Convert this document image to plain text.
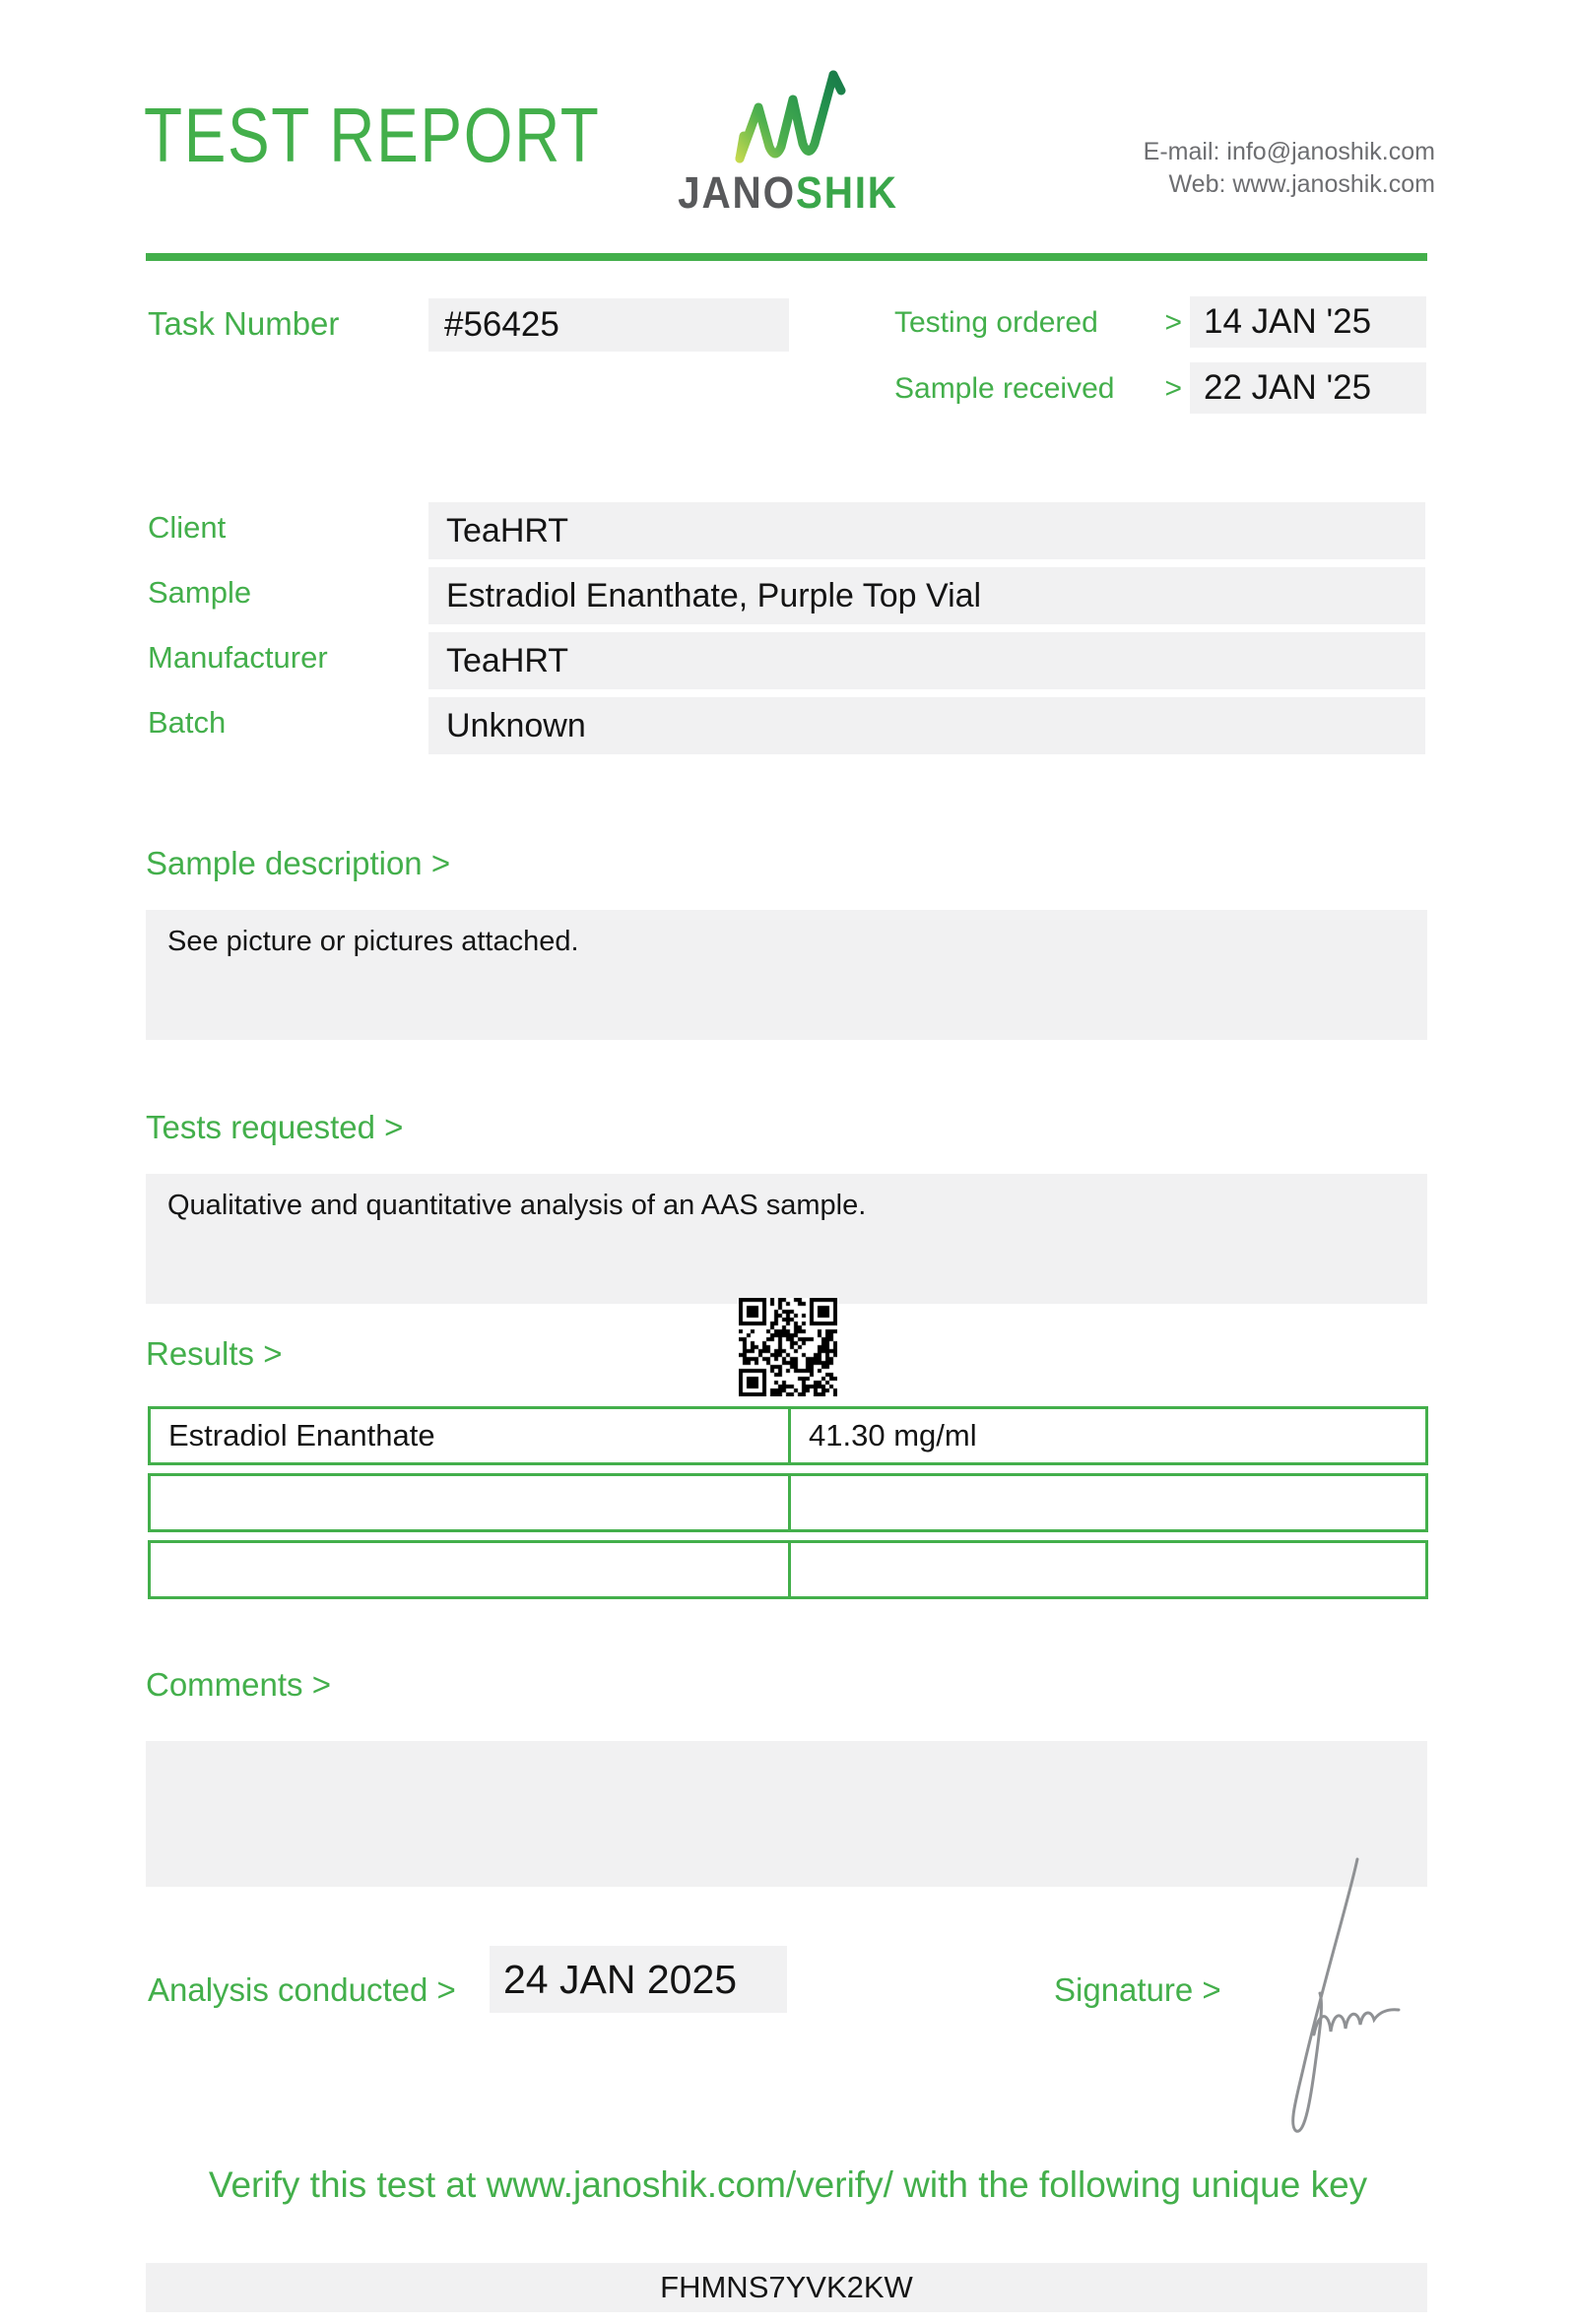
TEST REPORT
JANOSHIK
E-mail: info@janoshik.com
Web: www.janoshik.com
Task Number	#56425	Testing ordered > 14 JAN '25
Sample received > 22 JAN '25
Client	TeaHRT
Sample	Estradiol Enanthate, Purple Top Vial
Manufacturer	TeaHRT
Batch	Unknown
Sample description >
See picture or pictures attached.
Tests requested >
Qualitative and quantitative analysis of an AAS sample.
Results >
Estradiol Enanthate	41.30 mg/ml
Comments >
Analysis conducted >	24 JAN 2025	Signature >
Verify this test at www.janoshik.com/verify/ with the following unique key
FHMNS7YVK2KW
